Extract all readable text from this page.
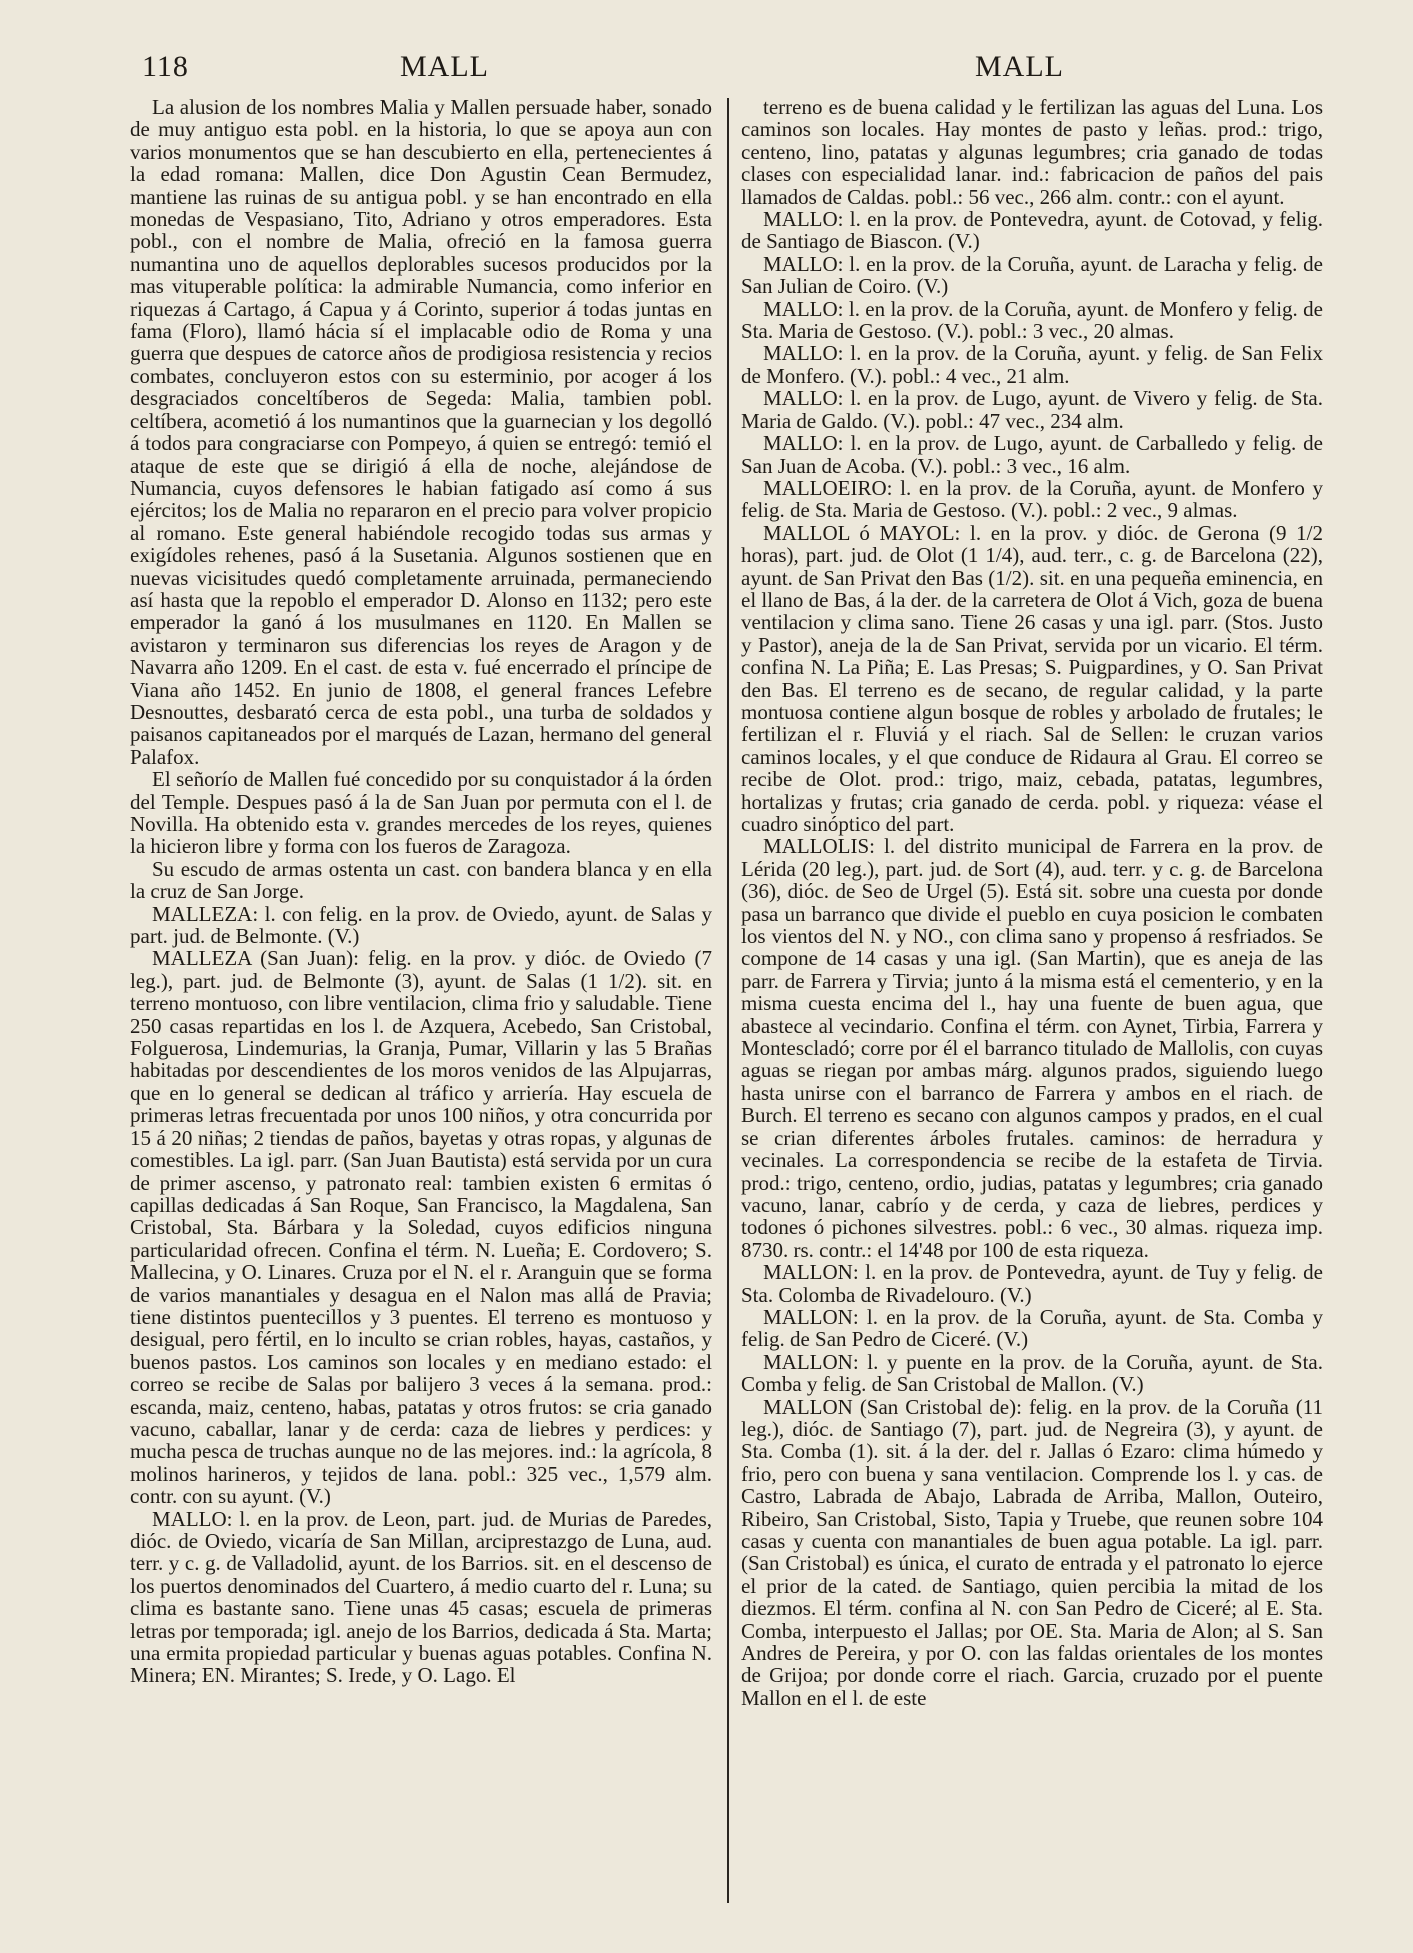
118	MALL	MALL

La alusion de los nombres Malia y Mallen persuade haber, sonado de muy antiguo esta pobl. en la historia, lo que se apoya aun con varios monumentos que se han descubierto en ella, pertenecientes á la edad romana: Mallen, dice Don Agustin Cean Bermudez, mantiene las ruinas de su antigua pobl. y se han encontrado en ella monedas de Vespasiano, Tito, Adriano y otros emperadores. Esta pobl., con el nombre de Malia, ofreció en la famosa guerra numantina uno de aquellos deplorables sucesos producidos por la mas vituperable política: la admirable Numancia, como inferior en riquezas á Cartago, á Capua y á Corinto, superior á todas juntas en fama (Floro), llamó hácia sí el implacable odio de Roma y una guerra que despues de catorce años de prodigiosa resistencia y recios combates, concluyeron estos con su esterminio, por acoger á los desgraciados conceltíberos de Segeda: Malia, tambien pobl. celtíbera, acometió á los numantinos que la guarnecian y los degolló á todos para congraciarse con Pompeyo, á quien se entregó: temió el ataque de este que se dirigió á ella de noche, alejándose de Numancia, cuyos defensores le habian fatigado así como á sus ejércitos; los de Malia no repararon en el precio para volver propicio al romano. Este general habiéndole recogido todas sus armas y exigídoles rehenes, pasó á la Susetania. Algunos sostienen que en nuevas vicisitudes quedó completamente arruinada, permaneciendo así hasta que la repoblo el emperador D. Alonso en 1132; pero este emperador la ganó á los musulmanes en 1120. En Mallen se avistaron y terminaron sus diferencias los reyes de Aragon y de Navarra año 1209. En el cast. de esta v. fué encerrado el príncipe de Viana año 1452. En junio de 1808, el general frances Lefebre Desnouttes, desbarató cerca de esta pobl., una turba de soldados y paisanos capitaneados por el marqués de Lazan, hermano del general Palafox.

El señorío de Mallen fué concedido por su conquistador á la órden del Temple. Despues pasó á la de San Juan por permuta con el l. de Novilla. Ha obtenido esta v. grandes mercedes de los reyes, quienes la hicieron libre y forma con los fueros de Zaragoza.

Su escudo de armas ostenta un cast. con bandera blanca y en ella la cruz de San Jorge.

MALLEZA: l. con felig. en la prov. de Oviedo, ayunt. de Salas y part. jud. de Belmonte. (V.)

MALLEZA (San Juan): felig. en la prov. y dióc. de Oviedo (7 leg.), part. jud. de Belmonte (3), ayunt. de Salas (1 1/2). sit. en terreno montuoso, con libre ventilacion, clima frio y saludable. Tiene 250 casas repartidas en los l. de Azquera, Acebedo, San Cristobal, Folguerosa, Lindemurias, la Granja, Pumar, Villarin y las 5 Brañas habitadas por descendientes de los moros venidos de las Alpujarras, que en lo general se dedican al tráfico y arriería. Hay escuela de primeras letras frecuentada por unos 100 niños, y otra concurrida por 15 á 20 niñas; 2 tiendas de paños, bayetas y otras ropas, y algunas de comestibles. La igl. parr. (San Juan Bautista) está servida por un cura de primer ascenso, y patronato real: tambien existen 6 ermitas ó capillas dedicadas á San Roque, San Francisco, la Magdalena, San Cristobal, Sta. Bárbara y la Soledad, cuyos edificios ninguna particularidad ofrecen. Confina el térm. N. Lueña; E. Cordovero; S. Mallecina, y O. Linares. Cruza por el N. el r. Aranguin que se forma de varios manantiales y desagua en el Nalon mas allá de Pravia; tiene distintos puentecillos y 3 puentes. El terreno es montuoso y desigual, pero fértil, en lo inculto se crian robles, hayas, castaños, y buenos pastos. Los caminos son locales y en mediano estado: el correo se recibe de Salas por balijero 3 veces á la semana. prod.: escanda, maiz, centeno, habas, patatas y otros frutos: se cria ganado vacuno, caballar, lanar y de cerda: caza de liebres y perdices: y mucha pesca de truchas aunque no de las mejores. ind.: la agrícola, 8 molinos harineros, y tejidos de lana. pobl.: 325 vec., 1,579 alm. contr. con su ayunt. (V.)

MALLO: l. en la prov. de Leon, part. jud. de Murias de Paredes, dióc. de Oviedo, vicaría de San Millan, arciprestazgo de Luna, aud. terr. y c. g. de Valladolid, ayunt. de los Barrios. sit. en el descenso de los puertos denominados del Cuartero, á medio cuarto del r. Luna; su clima es bastante sano. Tiene unas 45 casas; escuela de primeras letras por temporada; igl. anejo de los Barrios, dedicada á Sta. Marta; una ermita propiedad particular y buenas aguas potables. Confina N. Minera; EN. Mirantes; S. Irede, y O. Lago. El

terreno es de buena calidad y le fertilizan las aguas del Luna. Los caminos son locales. Hay montes de pasto y leñas. prod.: trigo, centeno, lino, patatas y algunas legumbres; cria ganado de todas clases con especialidad lanar. ind.: fabricacion de paños del pais llamados de Caldas. pobl.: 56 vec., 266 alm. contr.: con el ayunt.

MALLO: l. en la prov. de Pontevedra, ayunt. de Cotovad, y felig. de Santiago de Biascon. (V.)

MALLO: l. en la prov. de la Coruña, ayunt. de Laracha y felig. de San Julian de Coiro. (V.)

MALLO: l. en la prov. de la Coruña, ayunt. de Monfero y felig. de Sta. Maria de Gestoso. (V.). pobl.: 3 vec., 20 almas.

MALLO: l. en la prov. de la Coruña, ayunt. y felig. de San Felix de Monfero. (V.). pobl.: 4 vec., 21 alm.

MALLO: l. en la prov. de Lugo, ayunt. de Vivero y felig. de Sta. Maria de Galdo. (V.). pobl.: 47 vec., 234 alm.

MALLO: l. en la prov. de Lugo, ayunt. de Carballedo y felig. de San Juan de Acoba. (V.). pobl.: 3 vec., 16 alm.

MALLOEIRO: l. en la prov. de la Coruña, ayunt. de Monfero y felig. de Sta. Maria de Gestoso. (V.). pobl.: 2 vec., 9 almas.

MALLOL ó MAYOL: l. en la prov. y dióc. de Gerona (9 1/2 horas), part. jud. de Olot (1 1/4), aud. terr., c. g. de Barcelona (22), ayunt. de San Privat den Bas (1/2). sit. en una pequeña eminencia, en el llano de Bas, á la der. de la carretera de Olot á Vich, goza de buena ventilacion y clima sano. Tiene 26 casas y una igl. parr. (Stos. Justo y Pastor), aneja de la de San Privat, servida por un vicario. El térm. confina N. La Piña; E. Las Presas; S. Puigpardines, y O. San Privat den Bas. El terreno es de secano, de regular calidad, y la parte montuosa contiene algun bosque de robles y arbolado de frutales; le fertilizan el r. Fluviá y el riach. Sal de Sellen: le cruzan varios caminos locales, y el que conduce de Ridaura al Grau. El correo se recibe de Olot. prod.: trigo, maiz, cebada, patatas, legumbres, hortalizas y frutas; cria ganado de cerda. pobl. y riqueza: véase el cuadro sinóptico del part.

MALLOLIS: l. del distrito municipal de Farrera en la prov. de Lérida (20 leg.), part. jud. de Sort (4), aud. terr. y c. g. de Barcelona (36), dióc. de Seo de Urgel (5). Está sit. sobre una cuesta por donde pasa un barranco que divide el pueblo en cuya posicion le combaten los vientos del N. y NO., con clima sano y propenso á resfriados. Se compone de 14 casas y una igl. (San Martin), que es aneja de las parr. de Farrera y Tirvia; junto á la misma está el cementerio, y en la misma cuesta encima del l., hay una fuente de buen agua, que abastece al vecindario. Confina el térm. con Aynet, Tirbia, Farrera y Montescladó; corre por él el barranco titulado de Mallolis, con cuyas aguas se riegan por ambas márg. algunos prados, siguiendo luego hasta unirse con el barranco de Farrera y ambos en el riach. de Burch. El terreno es secano con algunos campos y prados, en el cual se crian diferentes árboles frutales. caminos: de herradura y vecinales. La correspondencia se recibe de la estafeta de Tirvia. prod.: trigo, centeno, ordio, judias, patatas y legumbres; cria ganado vacuno, lanar, cabrío y de cerda, y caza de liebres, perdices y todones ó pichones silvestres. pobl.: 6 vec., 30 almas. riqueza imp. 8730. rs. contr.: el 14'48 por 100 de esta riqueza.

MALLON: l. en la prov. de Pontevedra, ayunt. de Tuy y felig. de Sta. Colomba de Rivadelouro. (V.)

MALLON: l. en la prov. de la Coruña, ayunt. de Sta. Comba y felig. de San Pedro de Ciceré. (V.)

MALLON: l. y puente en la prov. de la Coruña, ayunt. de Sta. Comba y felig. de San Cristobal de Mallon. (V.)

MALLON (San Cristobal de): felig. en la prov. de la Coruña (11 leg.), dióc. de Santiago (7), part. jud. de Negreira (3), y ayunt. de Sta. Comba (1). sit. á la der. del r. Jallas ó Ezaro: clima húmedo y frio, pero con buena y sana ventilacion. Comprende los l. y cas. de Castro, Labrada de Abajo, Labrada de Arriba, Mallon, Outeiro, Ribeiro, San Cristobal, Sisto, Tapia y Truebe, que reunen sobre 104 casas y cuenta con manantiales de buen agua potable. La igl. parr. (San Cristobal) es única, el curato de entrada y el patronato lo ejerce el prior de la cated. de Santiago, quien percibia la mitad de los diezmos. El térm. confina al N. con San Pedro de Ciceré; al E. Sta. Comba, interpuesto el Jallas; por OE. Sta. Maria de Alon; al S. San Andres de Pereira, y por O. con las faldas orientales de los montes de Grijoa; por donde corre el riach. Garcia, cruzado por el puente Mallon en el l. de este
